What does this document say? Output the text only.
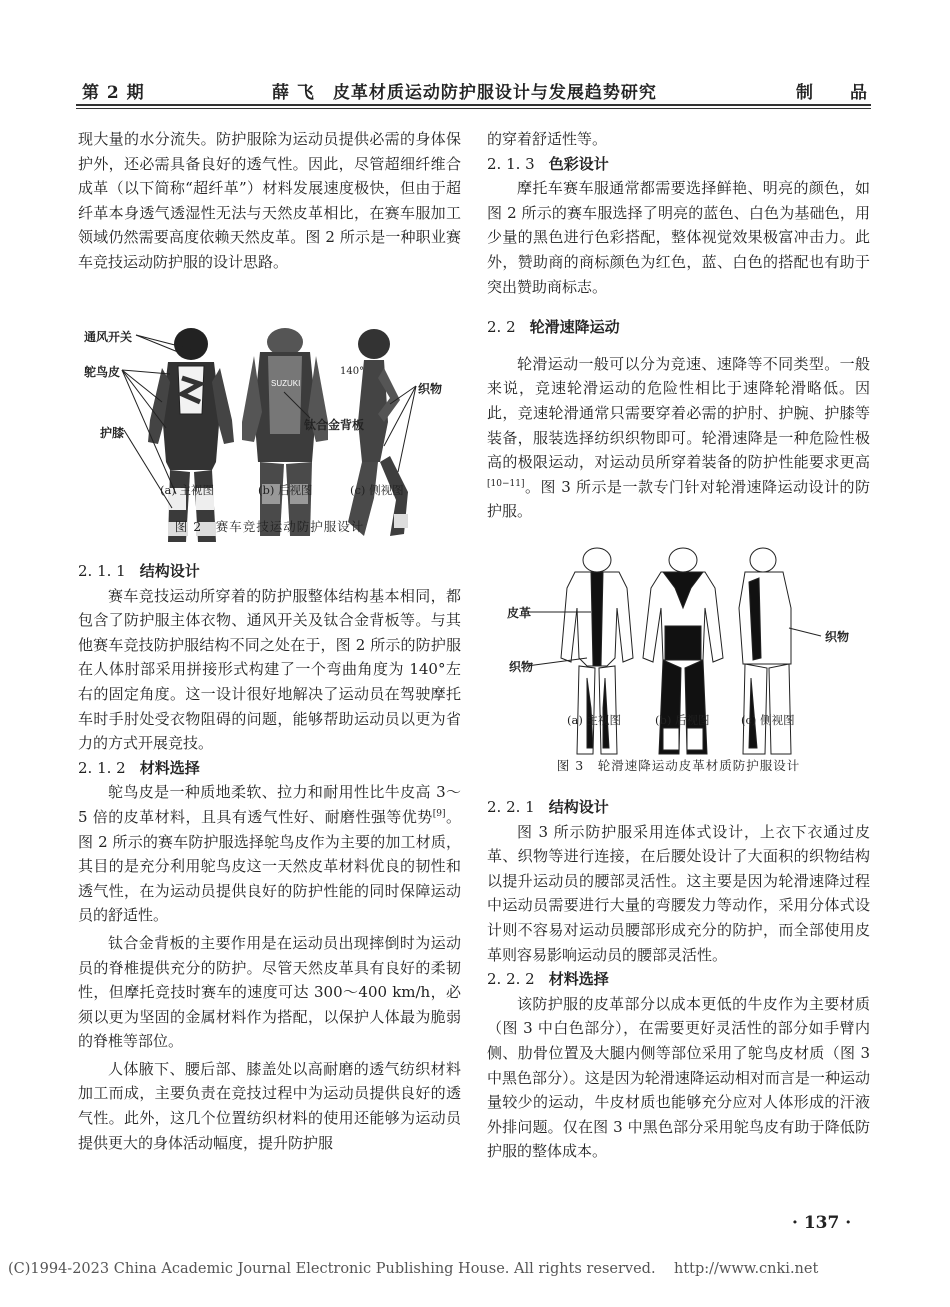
第 2 期	薛 飞　皮革材质运动防护服设计与发展趋势研究	制　　品

现大量的水分流失。防护服除为运动员提供必需的身体保护外，还必需具备良好的透气性。因此，尽管超细纤维合成革（以下简称“超纤革”）材料发展速度极快，但由于超纤革本身透气透湿性无法与天然皮革相比，在赛车服加工领域仍然需要高度依赖天然皮革。图 2 所示是一种职业赛车竞技运动防护服的设计思路。

SUZUKI
通风开关
鸵鸟皮
护膝
钛合金背板
织物
140°
(a) 主视图	(b) 后视图	(c) 侧视图
图 2　赛车竞技运动防护服设计

2. 1. 1 结构设计

赛车竞技运动所穿着的防护服整体结构基本相同，都包含了防护服主体衣物、通风开关及钛合金背板等。与其他赛车竞技防护服结构不同之处在于，图 2 所示的防护服在人体肘部采用拼接形式构建了一个弯曲角度为 140°左右的固定角度。这一设计很好地解决了运动员在驾驶摩托车时手肘处受衣物阻碍的问题，能够帮助运动员以更为省力的方式开展竞技。

2. 1. 2 材料选择

鸵鸟皮是一种质地柔软、拉力和耐用性比牛皮高 3～5 倍的皮革材料，且具有透气性好、耐磨性强等优势[9]。图 2 所示的赛车防护服选择鸵鸟皮作为主要的加工材质，其目的是充分利用鸵鸟皮这一天然皮革材料优良的韧性和透气性，在为运动员提供良好的防护性能的同时保障运动员的舒适性。

钛合金背板的主要作用是在运动员出现摔倒时为运动员的脊椎提供充分的防护。尽管天然皮革具有良好的柔韧性，但摩托竞技时赛车的速度可达 300～400 km/h，必须以更为坚固的金属材料作为搭配，以保护人体最为脆弱的脊椎等部位。

人体腋下、腰后部、膝盖处以高耐磨的透气纺织材料加工而成，主要负责在竞技过程中为运动员提供良好的透气性。此外，这几个位置纺织材料的使用还能够为运动员提供更大的身体活动幅度，提升防护服

的穿着舒适性等。

2. 1. 3 色彩设计

摩托车赛车服通常都需要选择鲜艳、明亮的颜色，如图 2 所示的赛车服选择了明亮的蓝色、白色为基础色，用少量的黑色进行色彩搭配，整体视觉效果极富冲击力。此外，赞助商的商标颜色为红色，蓝、白色的搭配也有助于突出赞助商标志。

2. 2 轮滑速降运动

轮滑运动一般可以分为竞速、速降等不同类型。一般来说，竞速轮滑运动的危险性相比于速降轮滑略低。因此，竞速轮滑通常只需要穿着必需的护肘、护腕、护膝等装备，服装选择纺织织物即可。轮滑速降是一种危险性极高的极限运动，对运动员所穿着装备的防护性能要求更高[10−11]。图 3 所示是一款专门针对轮滑速降运动设计的防护服。

皮革
织物
织物
(a) 主视图	(b) 后视图	(c) 侧视图
图 3　轮滑速降运动皮革材质防护服设计

2. 2. 1 结构设计

图 3 所示防护服采用连体式设计，上衣下衣通过皮革、织物等进行连接，在后腰处设计了大面积的织物结构以提升运动员的腰部灵活性。这主要是因为轮滑速降过程中运动员需要进行大量的弯腰发力等动作，采用分体式设计则不容易对运动员腰部形成充分的防护，而全部使用皮革则容易影响运动员的腰部灵活性。

2. 2. 2 材料选择

该防护服的皮革部分以成本更低的牛皮作为主要材质（图 3 中白色部分），在需要更好灵活性的部分如手臂内侧、肋骨位置及大腿内侧等部位采用了鸵鸟皮材质（图 3 中黑色部分）。这是因为轮滑速降运动相对而言是一种运动量较少的运动，牛皮材质也能够充分应对人体形成的汗液外排问题。仅在图 3 中黑色部分采用鸵鸟皮有助于降低防护服的整体成本。

· 137 ·
(C)1994-2023 China Academic Journal Electronic Publishing House. All rights reserved.    http://www.cnki.net
